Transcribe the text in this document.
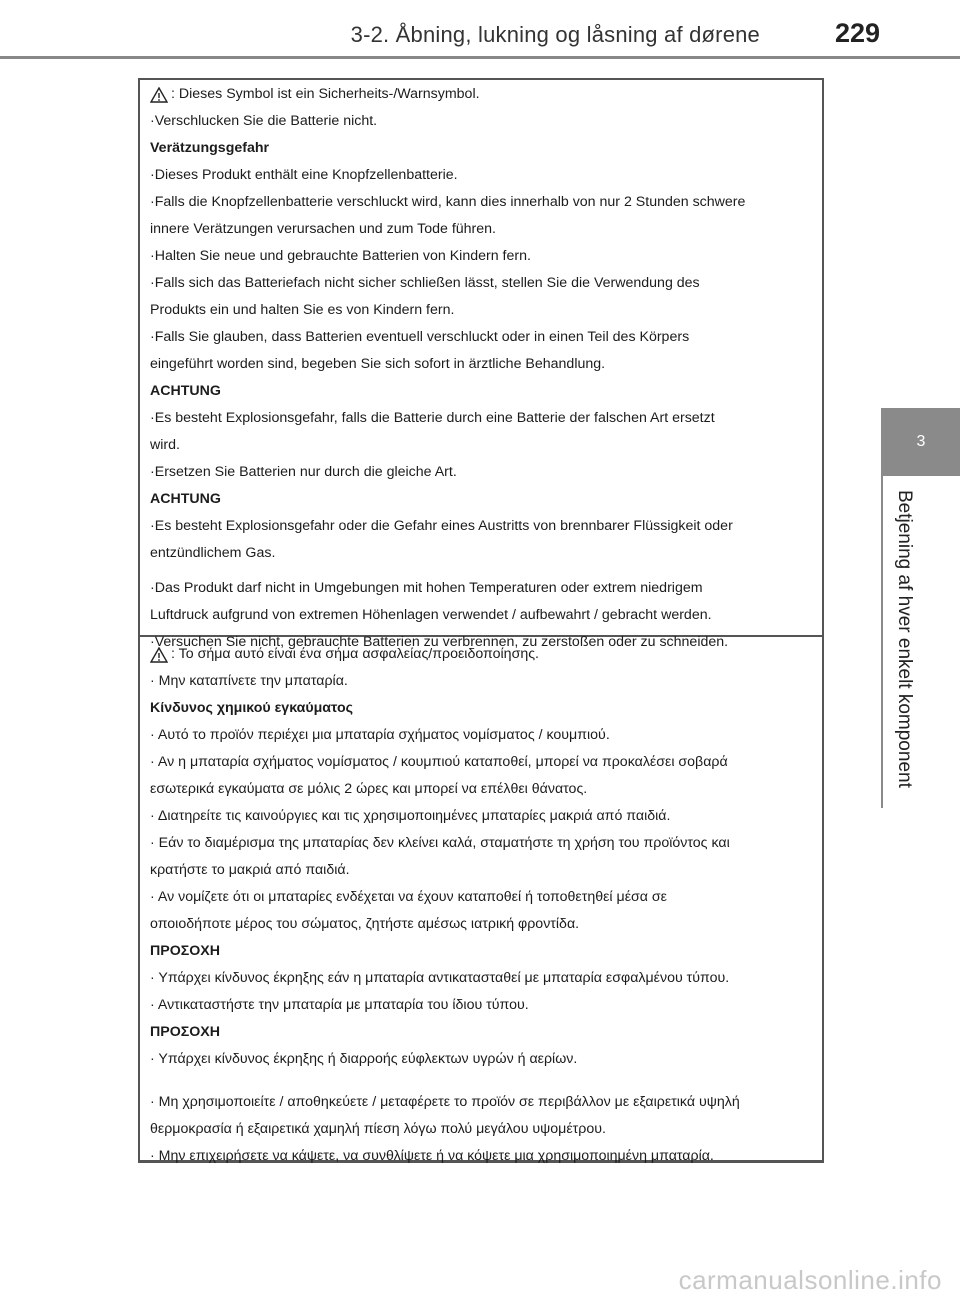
3-2. Åbning, lukning og låsning af dørene	229
3
Betjening af hver enkelt komponent
: Dieses Symbol ist ein Sicherheits-/Warnsymbol.
·Verschlucken Sie die Batterie nicht.
Verätzungsgefahr
·Dieses Produkt enthält eine Knopfzellenbatterie.
·Falls die Knopfzellenbatterie verschluckt wird, kann dies innerhalb von nur 2 Stunden schwere
innere Verätzungen verursachen und zum Tode führen.
·Halten Sie neue und gebrauchte Batterien von Kindern fern.
·Falls sich das Batteriefach nicht sicher schließen lässt, stellen Sie die Verwendung des
Produkts ein und halten Sie es von Kindern fern.
·Falls Sie glauben, dass Batterien eventuell verschluckt oder in einen Teil des Körpers
eingeführt worden sind, begeben Sie sich sofort in ärztliche Behandlung.
ACHTUNG
·Es besteht Explosionsgefahr, falls die Batterie durch eine Batterie der falschen Art ersetzt
wird.
·Ersetzen Sie Batterien nur durch die gleiche Art.
ACHTUNG
·Es besteht Explosionsgefahr oder die Gefahr eines Austritts von brennbarer Flüssigkeit oder
entzündlichem Gas.
·Das Produkt darf nicht in Umgebungen mit hohen Temperaturen oder extrem niedrigem
Luftdruck aufgrund von extremen Höhenlagen verwendet / aufbewahrt / gebracht werden.
·Versuchen Sie nicht, gebrauchte Batterien zu verbrennen, zu zerstoßen oder zu schneiden.
: Το σήμα αυτό είναι ένα σήμα ασφαλείας/προειδοποίησης.
· Μην καταπίνετε την μπαταρία.
Κίνδυνος χημικού εγκαύματος
· Αυτό το προϊόν περιέχει μια μπαταρία σχήματος νομίσματος / κουμπιού.
· Αν η μπαταρία σχήματος νομίσματος / κουμπιού καταποθεί, μπορεί να προκαλέσει σοβαρά
εσωτερικά εγκαύματα σε μόλις 2 ώρες και μπορεί να επέλθει θάνατος.
· Διατηρείτε τις καινούργιες και τις χρησιμοποιημένες μπαταρίες μακριά από παιδιά.
· Εάν το διαμέρισμα της μπαταρίας δεν κλείνει καλά, σταματήστε τη χρήση του προϊόντος και
κρατήστε το μακριά από παιδιά.
· Αν νομίζετε ότι οι μπαταρίες ενδέχεται να έχουν καταποθεί ή τοποθετηθεί μέσα σε
οποιοδήποτε μέρος του σώματος, ζητήστε αμέσως ιατρική φροντίδα.
ΠΡΟΣΟΧΗ
· Υπάρχει κίνδυνος έκρηξης εάν η μπαταρία αντικατασταθεί με μπαταρία εσφαλμένου τύπου.
· Αντικαταστήστε την μπαταρία με μπαταρία του ίδιου τύπου.
ΠΡΟΣΟΧΗ
· Υπάρχει κίνδυνος έκρηξης ή διαρροής εύφλεκτων υγρών ή αερίων.
· Μη χρησιμοποιείτε / αποθηκεύετε / μεταφέρετε το προϊόν σε περιβάλλον με εξαιρετικά υψηλή
θερμοκρασία ή εξαιρετικά χαμηλή πίεση λόγω πολύ μεγάλου υψομέτρου.
· Μην επιχειρήσετε να κάψετε, να συνθλίψετε ή να κόψετε μια χρησιμοποιημένη μπαταρία.
carmanualsonline.info
